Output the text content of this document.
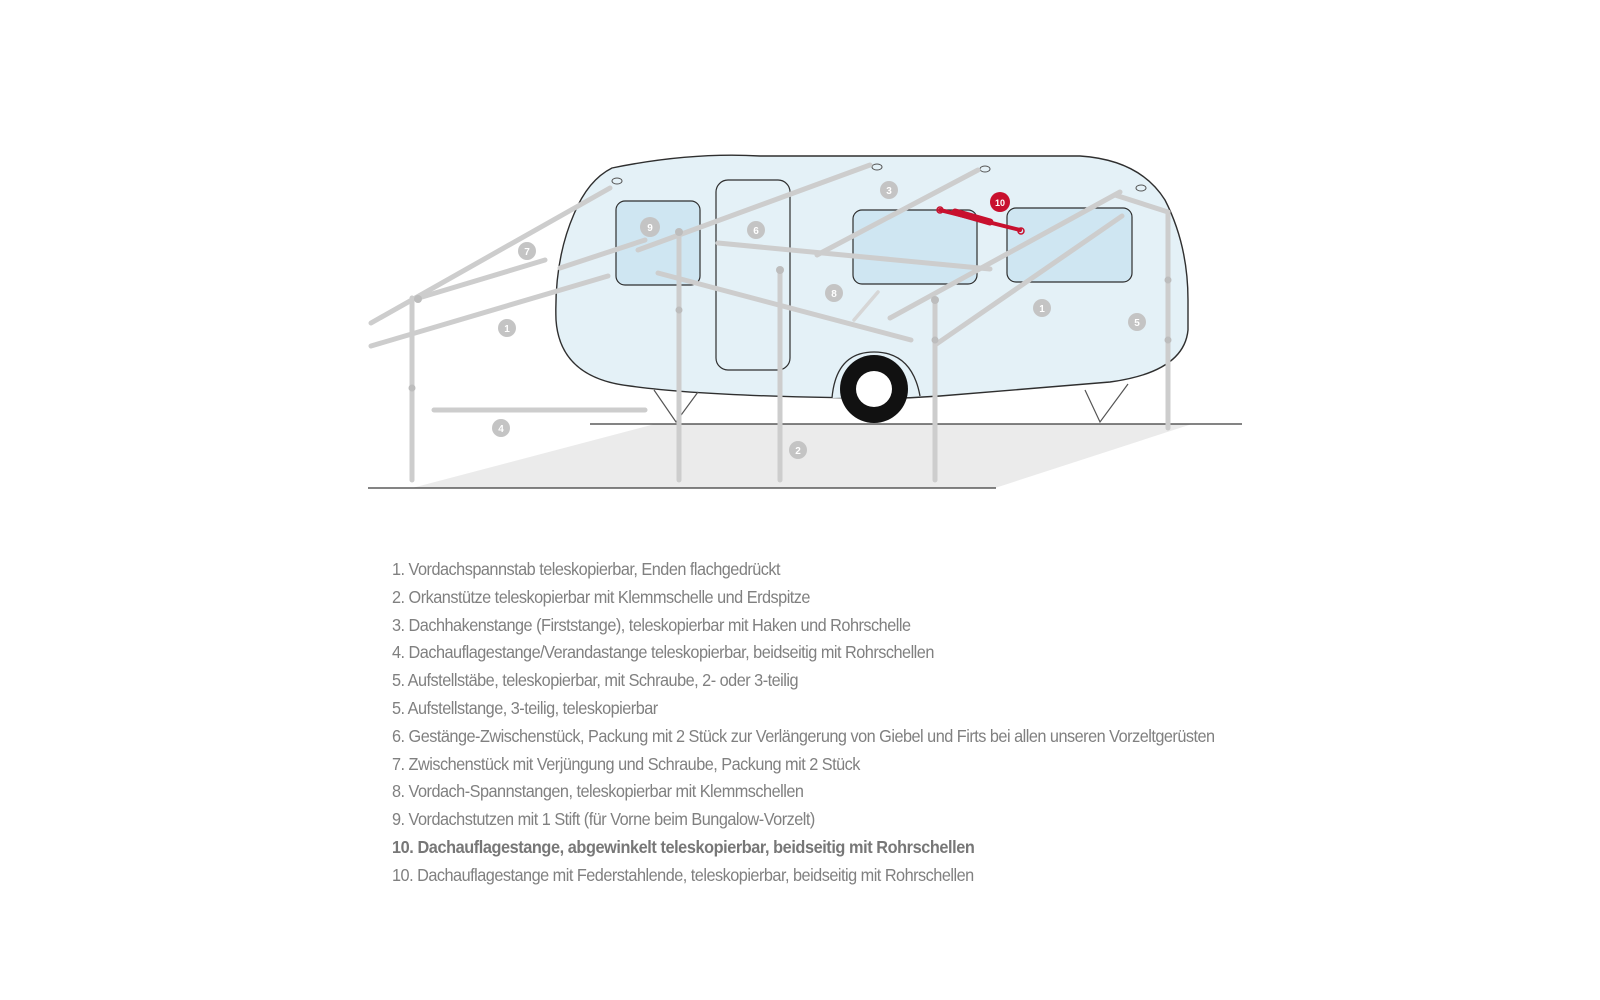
1
1
2
3
4
5
6
7
8
9
10
1. Vordachspannstab teleskopierbar, Enden flachgedrückt
2. Orkanstütze teleskopierbar mit Klemmschelle und Erdspitze
3. Dachhakenstange (Firststange), teleskopierbar mit Haken und Rohrschelle
4. Dachauflagestange/Verandastange teleskopierbar, beidseitig mit Rohrschellen
5. Aufstellstäbe, teleskopierbar, mit Schraube, 2- oder 3-teilig
5. Aufstellstange, 3-teilig, teleskopierbar
6. Gestänge-Zwischenstück, Packung mit 2 Stück zur Verlängerung von Giebel und Firts bei allen unseren Vorzeltgerüsten
7. Zwischenstück mit Verjüngung und Schraube, Packung mit 2 Stück
8. Vordach-Spannstangen, teleskopierbar mit Klemmschellen
9. Vordachstutzen mit 1 Stift (für Vorne beim Bungalow-Vorzelt)
10. Dachauflagestange, abgewinkelt teleskopierbar, beidseitig mit Rohrschellen
10. Dachauflagestange mit Federstahlende, teleskopierbar, beidseitig mit Rohrschellen
